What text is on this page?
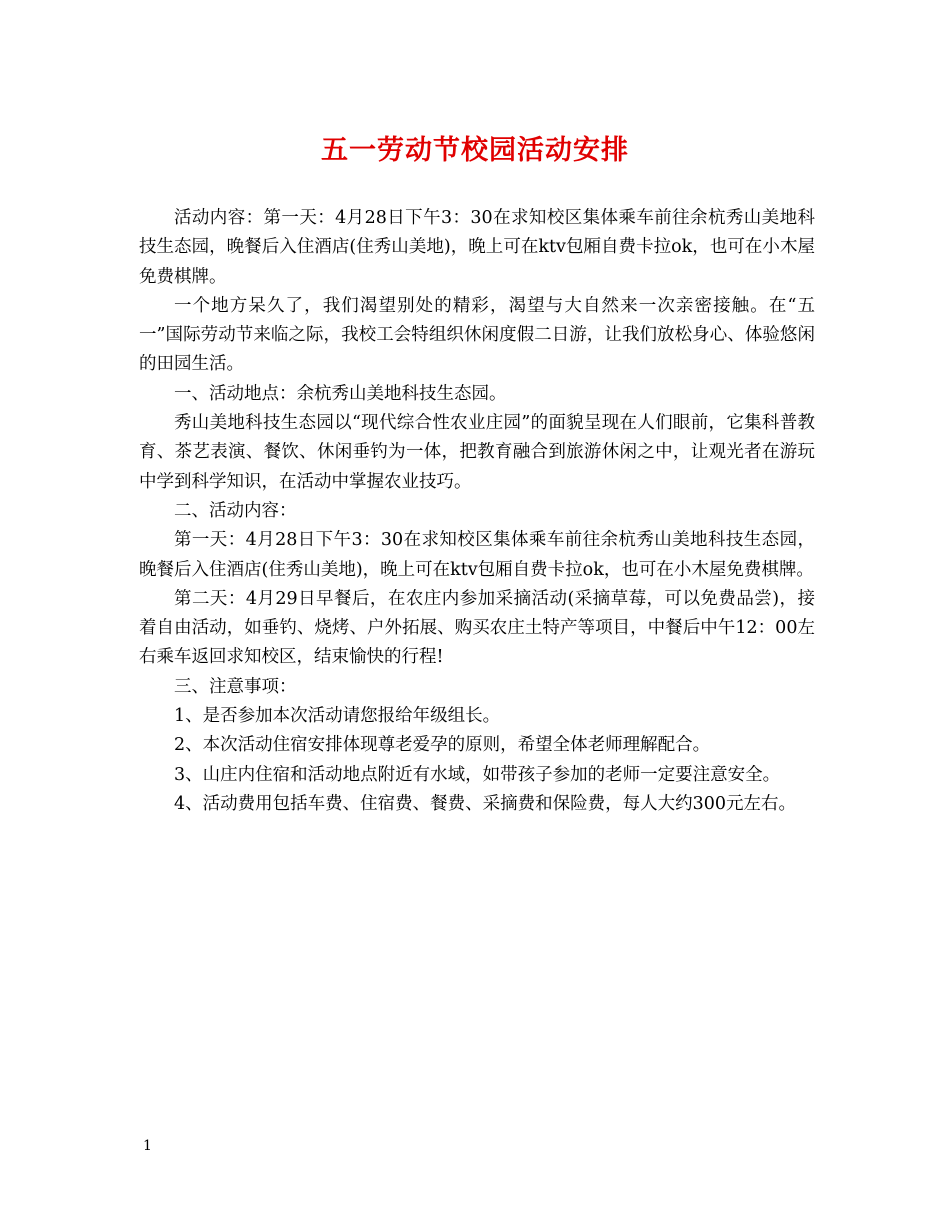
五一劳动节校园活动安排

活动内容：第一天：4月28日下午3：30在求知校区集体乘车前往余杭秀山美地科技生态园，晚餐后入住酒店(住秀山美地)，晚上可在ktv包厢自费卡拉ok，也可在小木屋免费棋牌。

一个地方呆久了，我们渴望别处的精彩，渴望与大自然来一次亲密接触。在“五一”国际劳动节来临之际，我校工会特组织休闲度假二日游，让我们放松身心、体验悠闲的田园生活。

一、活动地点：余杭秀山美地科技生态园。

秀山美地科技生态园以“现代综合性农业庄园”的面貌呈现在人们眼前，它集科普教育、茶艺表演、餐饮、休闲垂钓为一体，把教育融合到旅游休闲之中，让观光者在游玩中学到科学知识，在活动中掌握农业技巧。

二、活动内容：

第一天：4月28日下午3：30在求知校区集体乘车前往余杭秀山美地科技生态园，晚餐后入住酒店(住秀山美地)，晚上可在ktv包厢自费卡拉ok，也可在小木屋免费棋牌。

第二天：4月29日早餐后，在农庄内参加采摘活动(采摘草莓，可以免费品尝)，接着自由活动，如垂钓、烧烤、户外拓展、购买农庄土特产等项目，中餐后中午12：00左右乘车返回求知校区，结束愉快的行程!

三、注意事项：

1、是否参加本次活动请您报给年级组长。

2、本次活动住宿安排体现尊老爱孕的原则，希望全体老师理解配合。

3、山庄内住宿和活动地点附近有水域，如带孩子参加的老师一定要注意安全。

4、活动费用包括车费、住宿费、餐费、采摘费和保险费，每人大约300元左右。

1
